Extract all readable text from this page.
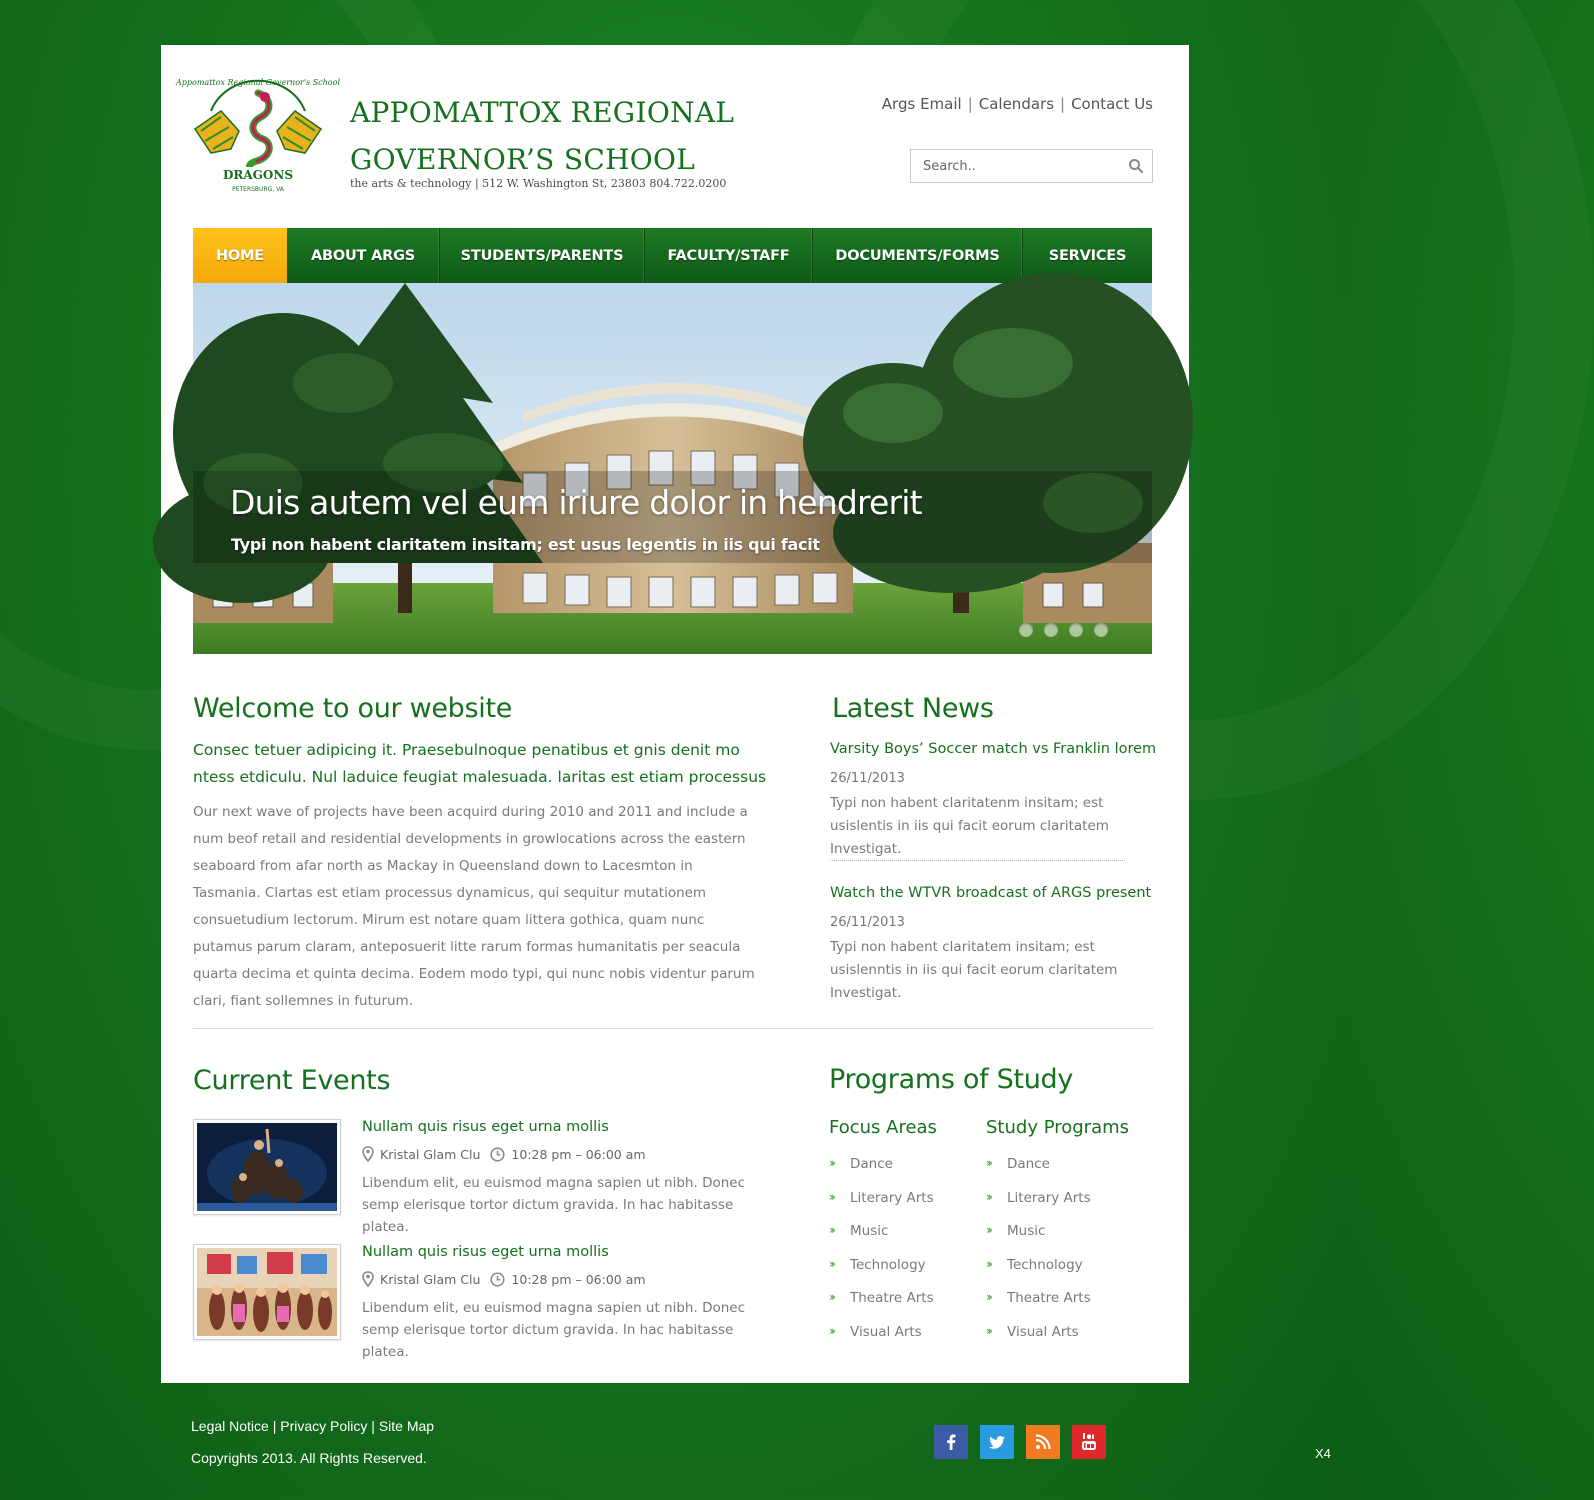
Appomattox Regional Governor's School
DRAGONS
PETERSBURG, VA
APPOMATTOX REGIONAL
GOVERNOR’S SCHOOL
the arts & technology | 512 W. Washington St, 23803 804.722.0200
Args Email | Calendars | Contact Us
Search..
HOME	ABOUT ARGS	STUDENTS/PARENTS	FACULTY/STAFF	DOCUMENTS/FORMS	SERVICES
Duis autem vel eum iriure dolor in hendrerit
Typi non habent claritatem insitam; est usus legentis in iis qui facit
Welcome to our website

Consec tetuer adipicing it. Praesebulnoque penatibus et gnis denit mo ntess etdiculu. Nul laduice feugiat malesuada. laritas est etiam processus

Our next wave of projects have been acquird during 2010 and 2011 and include a num beof retail and residential developments in growlocations across the eastern seaboard from afar north as Mackay in Queensland down to Lacesmton in Tasmania. Clartas est etiam processus dynamicus, qui sequitur mutationem consuetudium lectorum. Mirum est notare quam littera gothica, quam nunc putamus parum claram, anteposuerit litte rarum formas humanitatis per seacula quarta decima et quinta decima. Eodem modo typi, qui nunc nobis videntur parum clari, fiant sollemnes in futurum.

Latest News
Varsity Boys’ Soccer match vs Franklin lorem
26/11/2013
Typi non habent claritatenm insitam; est usislentis in iis qui facit eorum claritatem Investigat.
Watch the WTVR broadcast of ARGS present
26/11/2013
Typi non habent claritatem insitam; est usislenntis in iis qui facit eorum claritatem Investigat.
Current Events
Nullam quis risus eget urna mollis
Kristal Glam Clu 10:28 pm – 06:00 am
Libendum elit, eu euismod magna sapien ut nibh. Donec semp elerisque tortor dictum gravida. In hac habitasse platea.
Nullam quis risus eget urna mollis
Kristal Glam Clu 10:28 pm – 06:00 am
Libendum elit, eu euismod magna sapien ut nibh. Donec semp elerisque tortor dictum gravida. In hac habitasse platea.
Programs of Study
Focus Areas
››	Dance
››	Literary Arts
››	Music
››	Technology
››	Theatre Arts
››	Visual Arts
Study Programs
››	Dance
››	Literary Arts
››	Music
››	Technology
››	Theatre Arts
››	Visual Arts
Legal Notice | Privacy Policy | Site Map
Copyrights 2013. All Rights Reserved.	X4
